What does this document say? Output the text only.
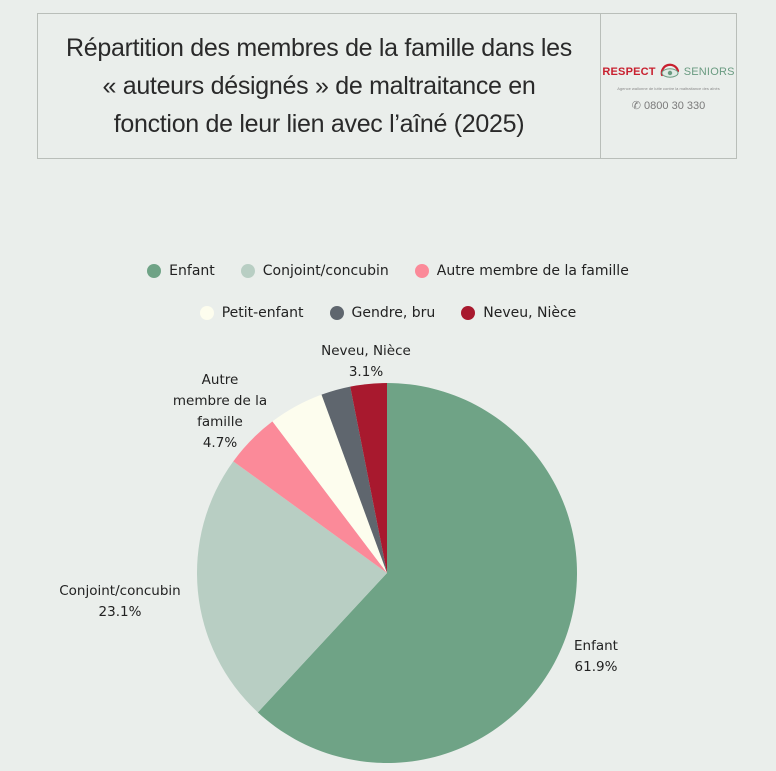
Répartition des membres de la famille dans les
« auteurs désignés » de maltraitance en
fonction de leur lien avec l’aîné (2025)
RESPECT	SENIORS
Agence wallonne de lutte contre la maltraitance des aînés
✆ 0800 30 330
Enfant	Conjoint/concubin	Autre membre de la famille
Petit-enfant	Gendre, bru	Neveu, Nièce
Enfant 61.9%
Conjoint/concubin 23.1%
Autre membre de la famille 4.7%
Neveu, Nièce 3.1%
